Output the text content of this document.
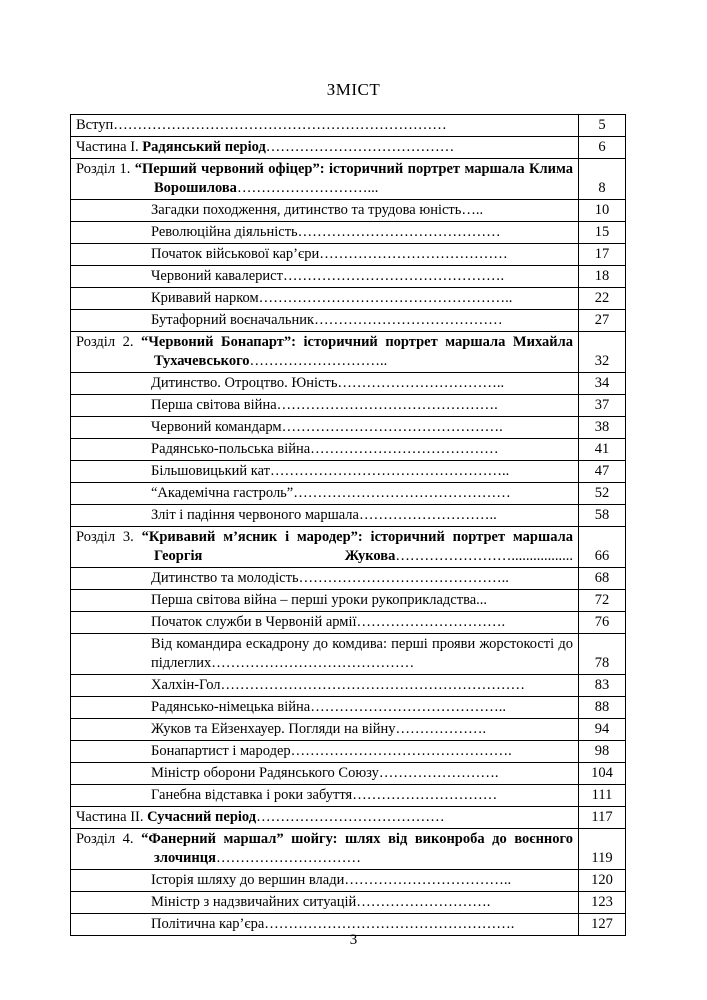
ЗМІСТ
Вступ……………………………………………………………	5

Частина I. Радянський період…………………………………	6

Розділ 1. “Перший червоний офіцер”: історичний портрет маршала Клима Ворошилова………………………...	8

Загадки походження, дитинство та трудова юність…..	10

Революційна діяльність……………………………………	15

Початок військової кар’єри…………………………………	17

Червоний кавалерист……………………………………….	18

Кривавий нарком……………………………………………..	22

Бутафорний воєначальник…………………………………	27

Розділ 2. “Червоний Бонапарт”: історичний портрет маршала Михайла Тухачевського………………………..	32

Дитинство. Отроцтво. Юність……………………………..	34

Перша світова війна……………………………………….	37

Червоний командарм……………………………………….	38

Радянсько-польська війна…………………………………	41

Більшовицький кат…………………………………………..	47

“Академічна гастроль”………………………………………	52

Зліт і падіння червоного маршала………………………..	58

Розділ 3. “Кривавий м’ясник і мародер”: історичний портрет маршала Георгія Жукова…………………….................	66

Дитинство та молодість……………………………………..	68

Перша світова війна – перші уроки рукоприкладства...	72

Початок служби в Червоній армії………………………….	76

Від командира ескадрону до комдива: перші прояви жорстокості до підлеглих……………………………………	78

Халхін-Гол………………………………………………………	83

Радянсько-німецька війна…………………………………..	88

Жуков та Ейзенхауер. Погляди на війну……………….	94

Бонапартист і мародер……………………………………….	98

Міністр оборони Радянського Союзу…………………….	104

Ганебна відставка і роки забуття…………………………	111

Частина II. Сучасний період…………………………………	117

Розділ 4. “Фанерний маршал” шойгу: шлях від виконроба до воєнного злочинця…………………………	119

Історія шляху до вершин влади……………………………..	120

Міністр з надзвичайних ситуацій……………………….	123

Політична кар’єра…………………………………………….	127
3
